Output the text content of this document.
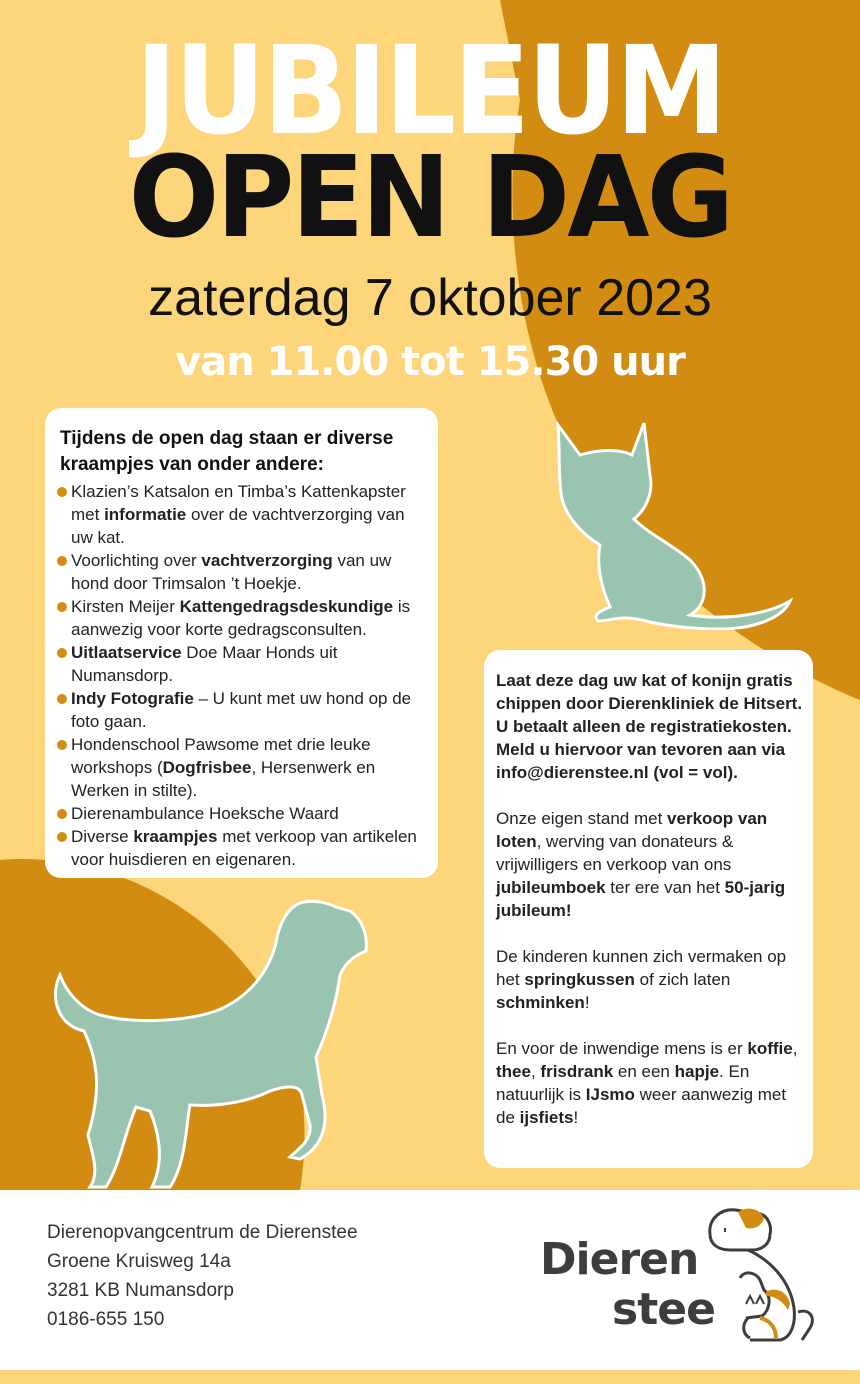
JUBILEUM
OPEN DAG
zaterdag 7 oktober 2023
van 11.00 tot 15.30 uur
Tijdens de open dag staan er diverse kraampjes van onder andere:
Klazien’s Katsalon en Timba’s Kattenkapster met informatie over de vachtverzorging van uw kat.
Voorlichting over vachtverzorging van uw hond door Trimsalon ’t Hoekje.
Kirsten Meijer Kattengedragsdeskundige is aanwezig voor korte gedragsconsulten.
Uitlaatservice Doe Maar Honds uit Numansdorp.
Indy Fotografie – U kunt met uw hond op de foto gaan.
Hondenschool Pawsome met drie leuke workshops (Dogfrisbee, Hersenwerk en Werken in stilte).
Dierenambulance Hoeksche Waard
Diverse kraampjes met verkoop van artikelen voor huisdieren en eigenaren.

Laat deze dag uw kat of konijn gratis chippen door Dierenkliniek de Hitsert. U betaalt alleen de registratiekosten.
Meld u hiervoor van tevoren aan via info@dierenstee.nl (vol = vol).

Onze eigen stand met verkoop van loten, werving van donateurs & vrijwilligers en verkoop van ons jubileumboek ter ere van het 50-jarig jubileum!

De kinderen kunnen zich vermaken op het springkussen of zich laten schminken!

En voor de inwendige mens is er koffie, thee, frisdrank en een hapje. En natuurlijk is IJsmo weer aanwezig met de ijsfiets!

Dierenopvangcentrum de Dierenstee
Groene Kruisweg 14a
3281 KB Numansdorp
0186-655 150
Dieren
stee
